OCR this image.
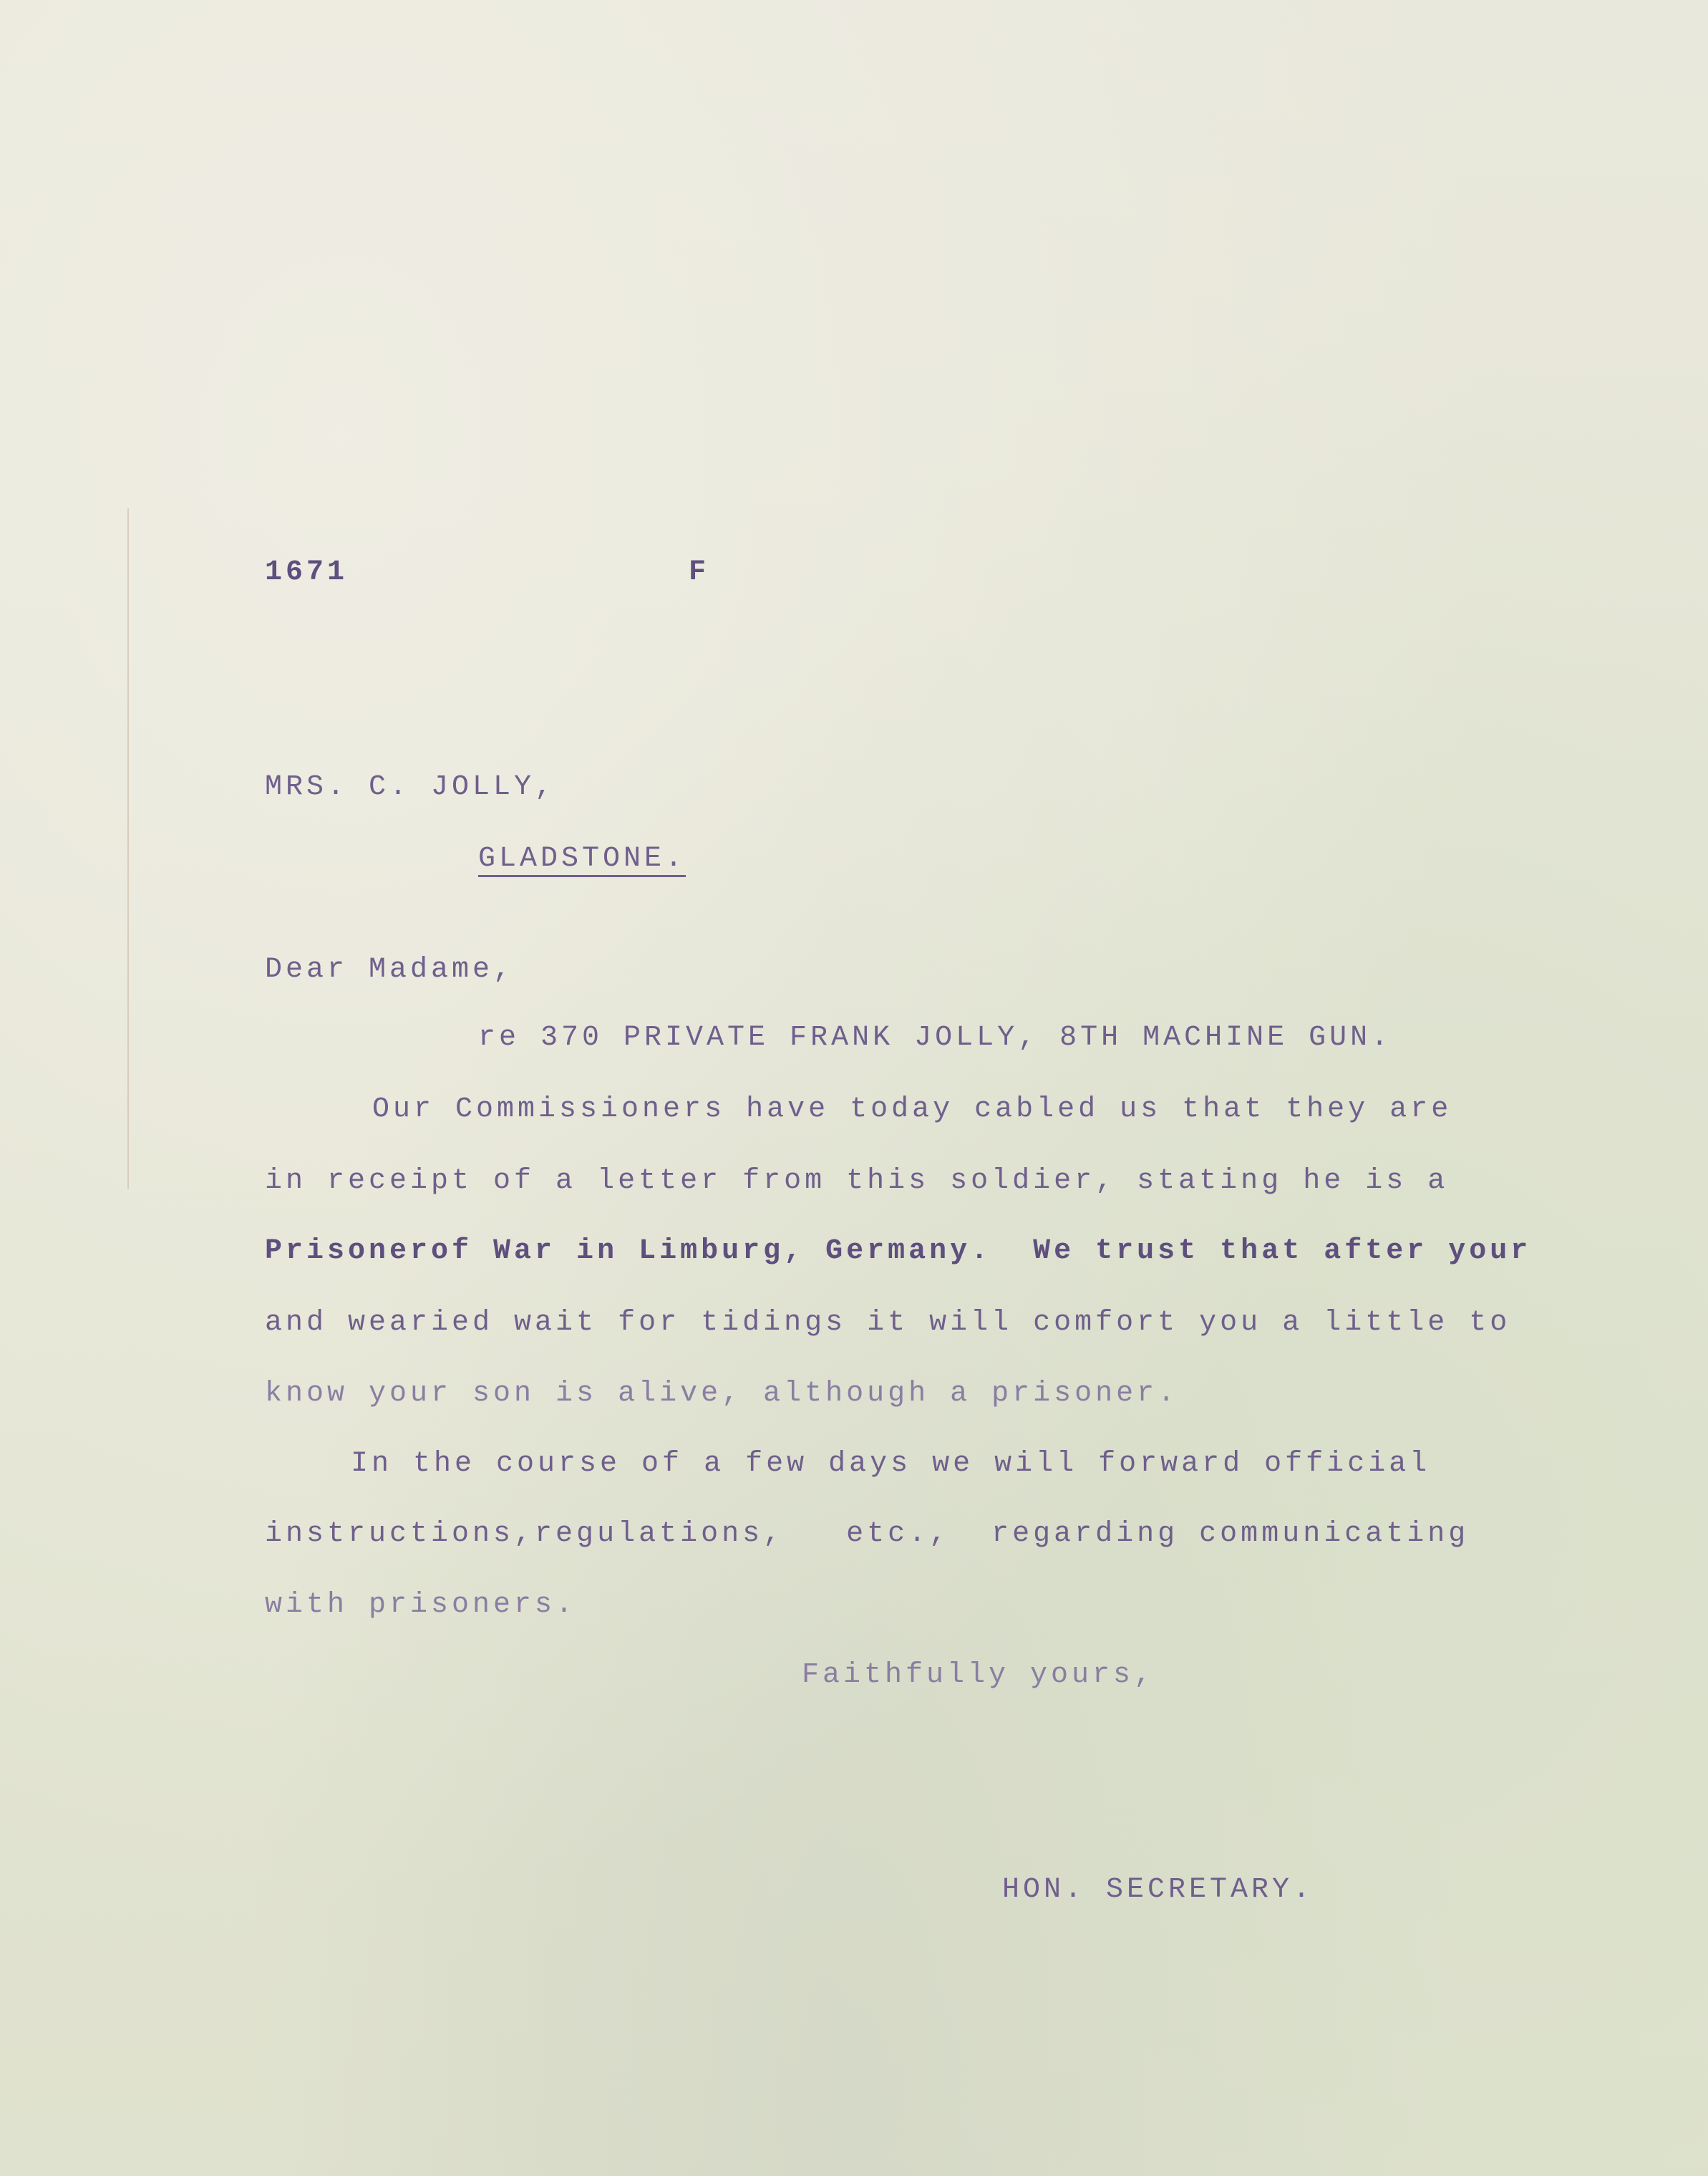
1671	F
MRS. C. JOLLY,
GLADSTONE.
Dear Madame,
re 370 PRIVATE FRANK JOLLY, 8TH MACHINE GUN.
Our Commissioners have today cabled us that they are
in receipt of a letter from this soldier, stating he is a
Prisonerof War in Limburg, Germany.  We trust that after your
and wearied wait for tidings it will comfort you a little to
know your son is alive, although a prisoner.
In the course of a few days we will forward official
instructions,regulations,   etc.,  regarding communicating
with prisoners.
Faithfully yours,
HON. SECRETARY.
